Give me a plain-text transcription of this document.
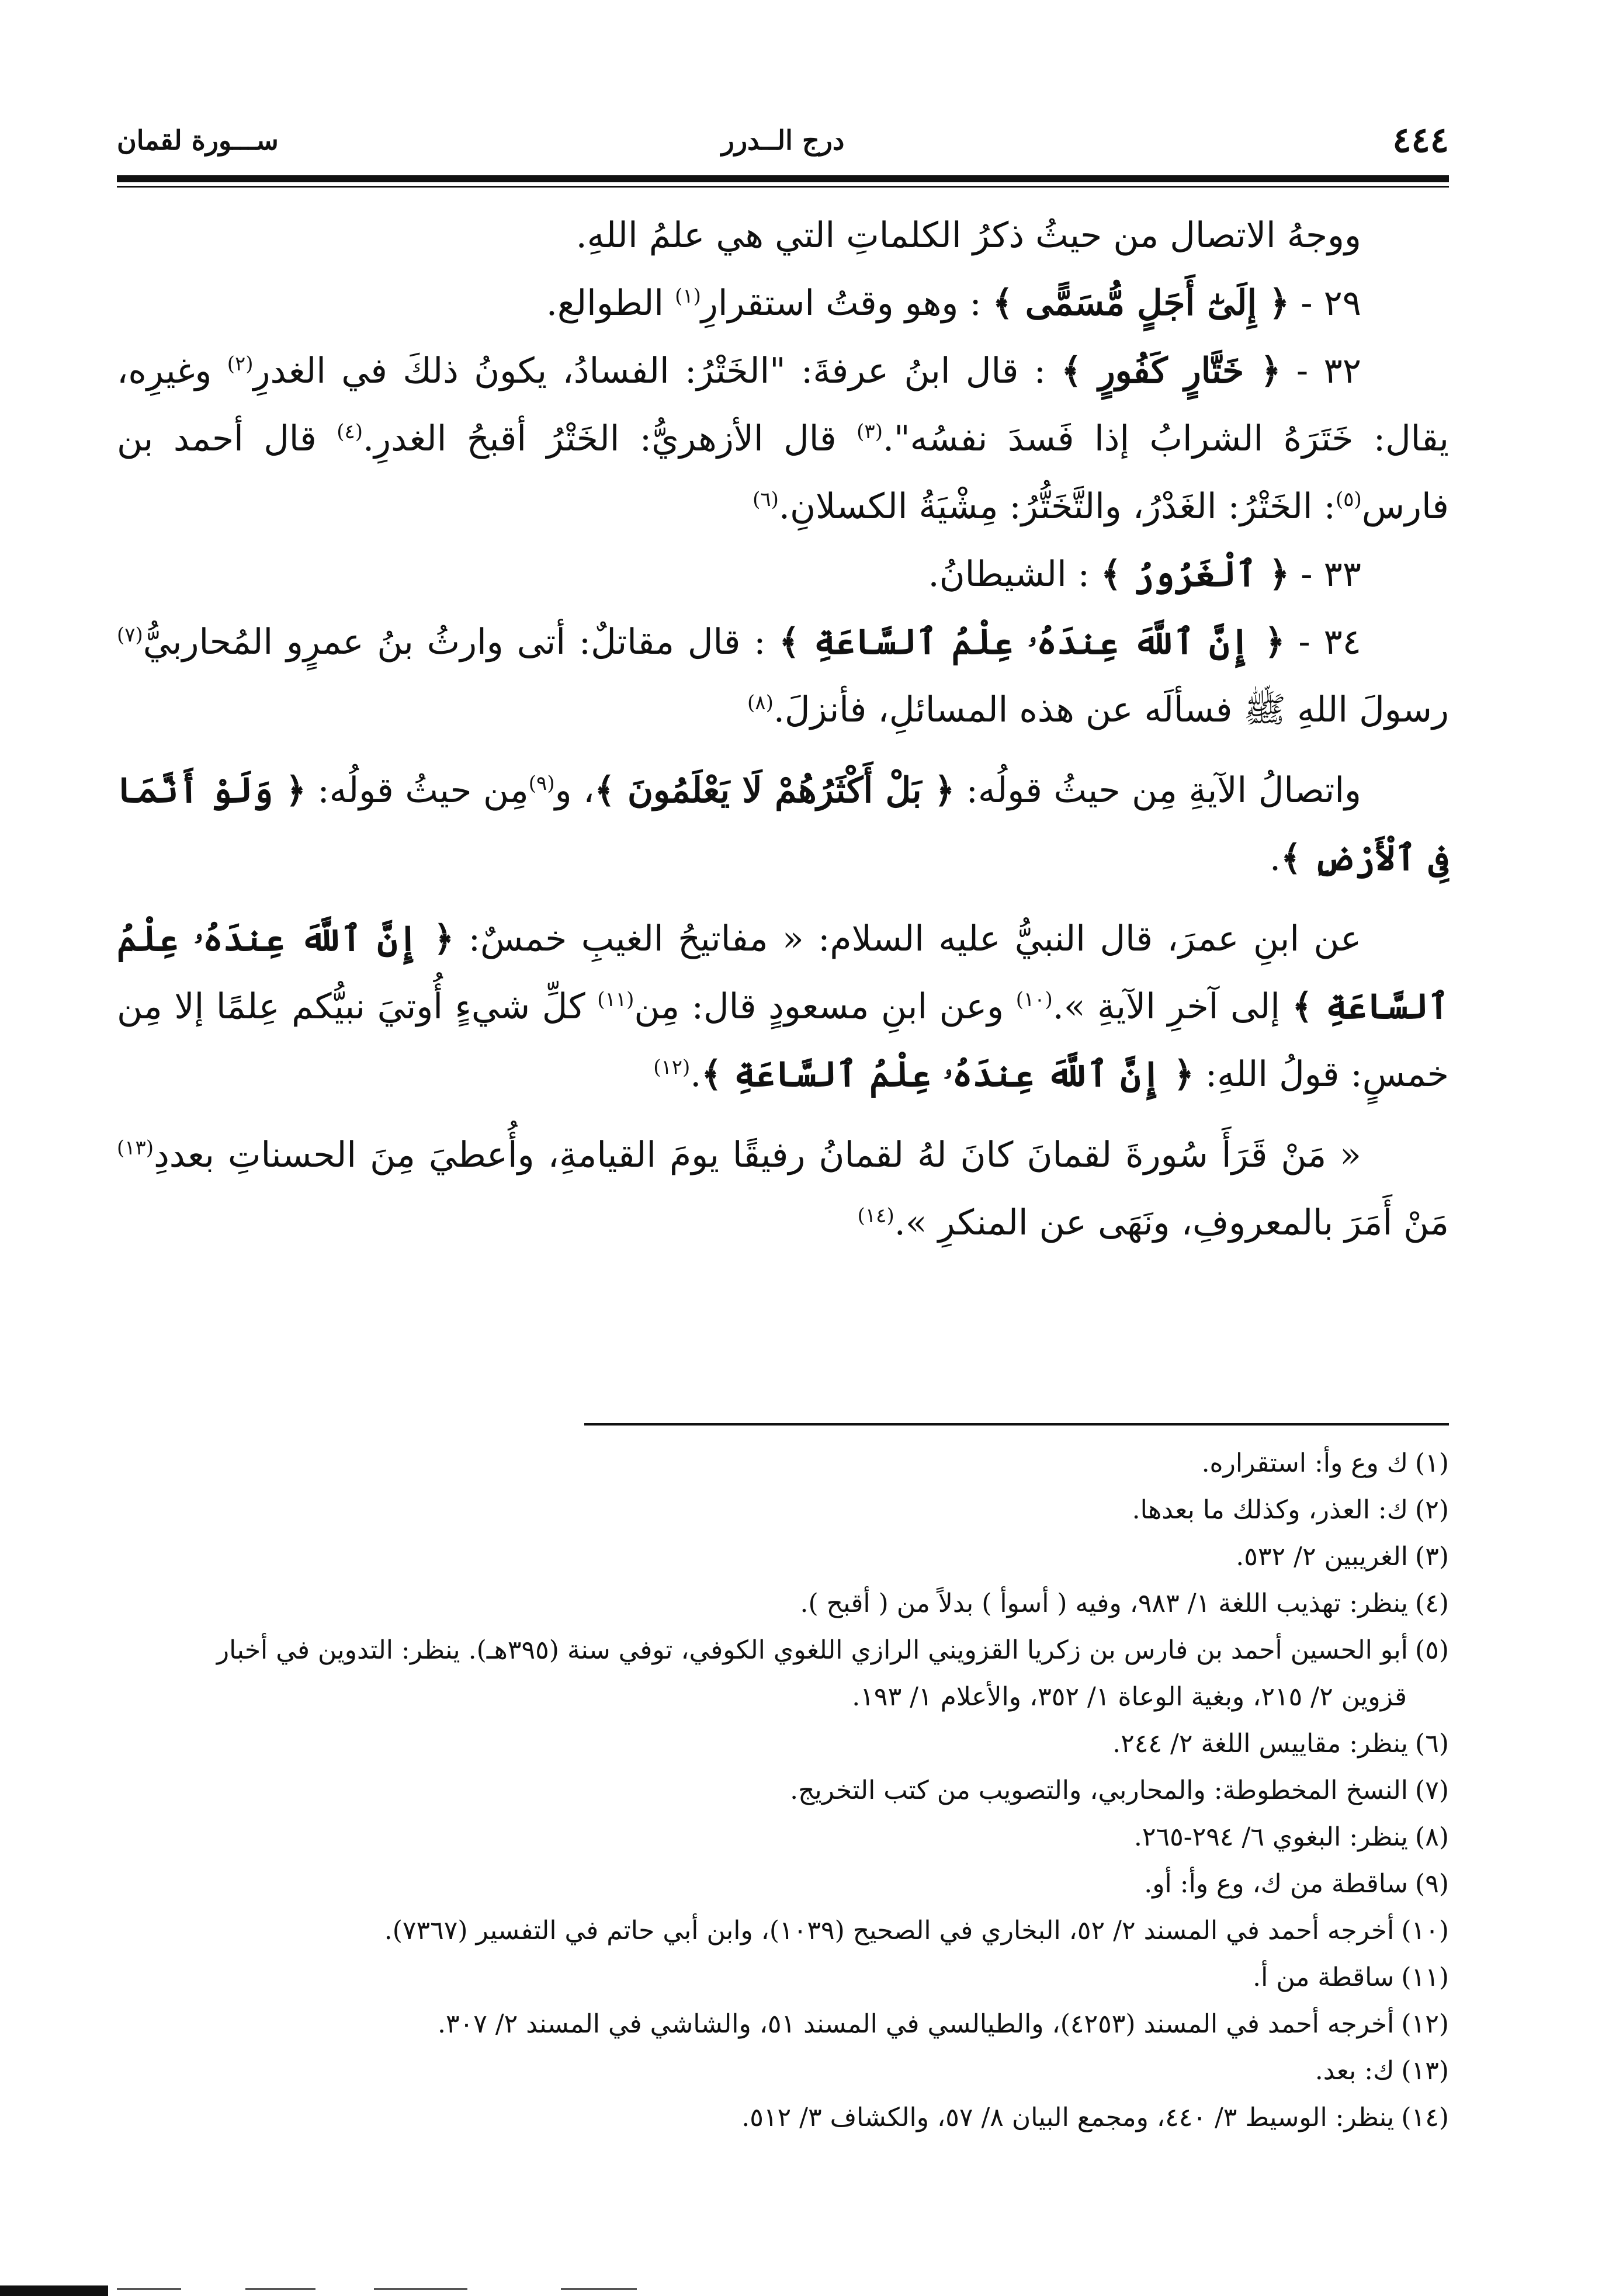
٤٤٤
درج الــدرر
ســـورة لقمان

ووجهُ الاتصال من حيثُ ذكرُ الكلماتِ التي هي علمُ اللهِ.

٢٩ - ﴿ إِلَىٰٓ أَجَلٍ مُّسَمًّى ﴾ : وهو وقتُ استقرارِ$^{(١)}$ الطوالع.

٣٢ - ﴿ خَتَّارٍ كَفُورٍ ﴾ : قال ابنُ عرفةَ: "الخَتْرُ: الفسادُ، يكونُ ذلكَ في الغدرِ$^{(٢)}$ وغيرِه، يقال: خَتَرَهُ الشرابُ إذا فَسدَ نفسُه".$^{(٣)}$ قال الأزهريُّ: الخَتْرُ أقبحُ الغدرِ.$^{(٤)}$ قال أحمد بن فارس$^{(٥)}$: الخَتْرُ: الغَدْرُ، والتَّخَتُّرُ: مِشْيَةُ الكسلانِ.$^{(٦)}$

٣٣ - ﴿ ٱلْغَرُورُ ﴾ : الشيطانُ.

٣٤ - ﴿ إِنَّ ٱللَّهَ عِندَهُۥ عِلْمُ ٱلسَّاعَةِ ﴾ : قال مقاتلٌ: أتى وارثُ بنُ عمرٍو المُحاربيُّ$^{(٧)}$ رسولَ اللهِ ﷺ فسألَه عن هذه المسائلِ، فأنزلَ.$^{(٨)}$

واتصالُ الآيةِ مِن حيثُ قولُه: ﴿ بَلْ أَكْثَرُهُمْ لَا يَعْلَمُونَ ﴾، و$^{(٩)}$مِن حيثُ قولُه: ﴿ وَلَوْ أَنَّمَا فِى ٱلْأَرْضِ ﴾.

عن ابنِ عمرَ، قال النبيُّ عليه السلام: « مفاتيحُ الغيبِ خمسٌ: ﴿ إِنَّ ٱللَّهَ عِندَهُۥ عِلْمُ ٱلسَّاعَةِ ﴾ إلى آخرِ الآيةِ ».$^{(١٠)}$ وعن ابنِ مسعودٍ قال: مِن$^{(١١)}$ كلِّ شيءٍ أُوتيَ نبيُّكم عِلمًا إلا مِن خمسٍ: قولُ اللهِ: ﴿ إِنَّ ٱللَّهَ عِندَهُۥ عِلْمُ ٱلسَّاعَةِ ﴾.$^{(١٢)}$

« مَنْ قَرَأَ سُورةَ لقمانَ كانَ لهُ لقمانُ رفيقًا يومَ القيامةِ، وأُعطيَ مِنَ الحسناتِ بعددِ$^{(١٣)}$ مَنْ أَمَرَ بالمعروفِ، ونَهَى عن المنكرِ ».$^{(١٤)}$

(١)ك وع وأ: استقراره.

(٢)ك: العذر، وكذلك ما بعدها.

(٣)الغريبين ٢/ ٥٣٢.

(٤)ينظر: تهذيب اللغة ١/ ٩٨٣، وفيه ( أسوأ ) بدلاً من ( أقبح ).

(٥)أبو الحسين أحمد بن فارس بن زكريا القزويني الرازي اللغوي الكوفي، توفي سنة (٣٩٥هـ). ينظر: التدوين في أخبار

قزوين ٢/ ٢١٥، وبغية الوعاة ١/ ٣٥٢، والأعلام ١/ ١٩٣.

(٦)ينظر: مقاييس اللغة ٢/ ٢٤٤.

(٧)النسخ المخطوطة: والمحاربي، والتصويب من كتب التخريج.

(٨)ينظر: البغوي ٦/ ٢٩٤-٢٦٥.

(٩)ساقطة من ك، وع وأ: أو.

(١٠)أخرجه أحمد في المسند ٢/ ٥٢، البخاري في الصحيح (١٠٣٩)، وابن أبي حاتم في التفسير (٧٣٦٧).

(١١)ساقطة من أ.

(١٢)أخرجه أحمد في المسند (٤٢٥٣)، والطيالسي في المسند ٥١، والشاشي في المسند ٢/ ٣٠٧.

(١٣)ك: بعد.

(١٤)ينظر: الوسيط ٣/ ٤٤٠، ومجمع البيان ٨/ ٥٧، والكشاف ٣/ ٥١٢.
